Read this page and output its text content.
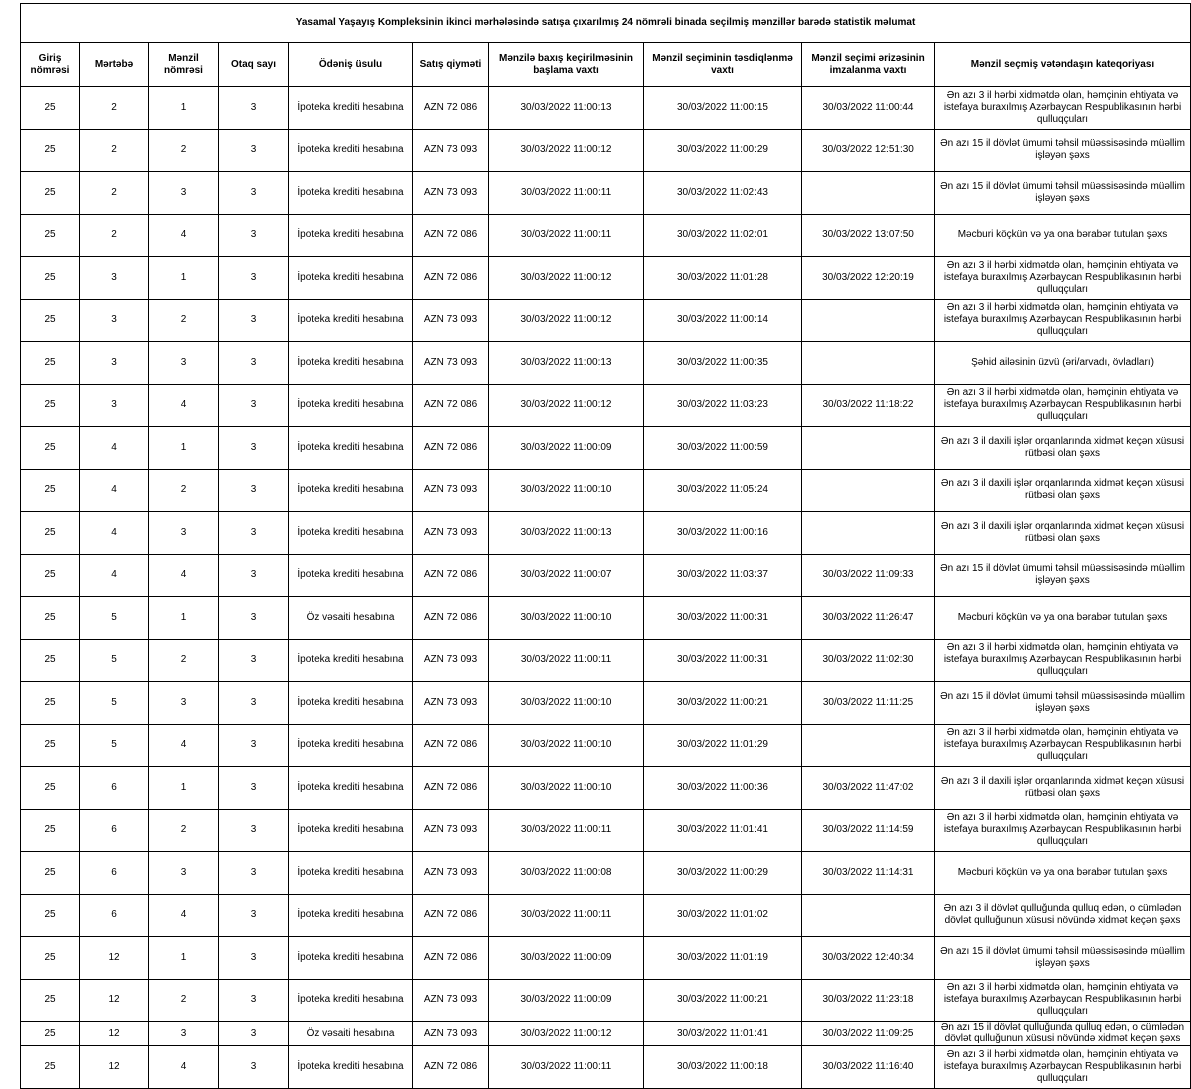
Yasamal Yaşayış Kompleksinin ikinci mərhələsində satışa çıxarılmış 24 nömrəli binada seçilmiş mənzillər barədə statistik məlumat									
Giriş nömrəsi	Mərtəbə	Mənzil nömrəsi	Otaq sayı	Ödəniş üsulu	Satış qiyməti	Mənzilə baxış keçirilməsinin başlama vaxtı	Mənzil seçiminin təsdiqlənmə vaxtı	Mənzil seçimi ərizəsinin imzalanma vaxtı	Mənzil seçmiş vətəndaşın kateqoriyası
25	2	1	3	İpoteka krediti hesabına	AZN 72 086	30/03/2022 11:00:13	30/03/2022 11:00:15	30/03/2022 11:00:44	Ən azı 3 il hərbi xidmətdə olan, həmçinin ehtiyata və istefaya buraxılmış Azərbaycan Respublikasının hərbi qulluqçuları
25	2	2	3	İpoteka krediti hesabına	AZN 73 093	30/03/2022 11:00:12	30/03/2022 11:00:29	30/03/2022 12:51:30	Ən azı 15 il dövlət ümumi təhsil müəssisəsində müəllim işləyən şəxs
25	2	3	3	İpoteka krediti hesabına	AZN 73 093	30/03/2022 11:00:11	30/03/2022 11:02:43		Ən azı 15 il dövlət ümumi təhsil müəssisəsində müəllim işləyən şəxs
25	2	4	3	İpoteka krediti hesabına	AZN 72 086	30/03/2022 11:00:11	30/03/2022 11:02:01	30/03/2022 13:07:50	Məcburi köçkün və ya ona bərabər tutulan şəxs
25	3	1	3	İpoteka krediti hesabına	AZN 72 086	30/03/2022 11:00:12	30/03/2022 11:01:28	30/03/2022 12:20:19	Ən azı 3 il hərbi xidmətdə olan, həmçinin ehtiyata və istefaya buraxılmış Azərbaycan Respublikasının hərbi qulluqçuları
25	3	2	3	İpoteka krediti hesabına	AZN 73 093	30/03/2022 11:00:12	30/03/2022 11:00:14		Ən azı 3 il hərbi xidmətdə olan, həmçinin ehtiyata və istefaya buraxılmış Azərbaycan Respublikasının hərbi qulluqçuları
25	3	3	3	İpoteka krediti hesabına	AZN 73 093	30/03/2022 11:00:13	30/03/2022 11:00:35		Şəhid ailəsinin üzvü (əri/arvadı, övladları)
25	3	4	3	İpoteka krediti hesabına	AZN 72 086	30/03/2022 11:00:12	30/03/2022 11:03:23	30/03/2022 11:18:22	Ən azı 3 il hərbi xidmətdə olan, həmçinin ehtiyata və istefaya buraxılmış Azərbaycan Respublikasının hərbi qulluqçuları
25	4	1	3	İpoteka krediti hesabına	AZN 72 086	30/03/2022 11:00:09	30/03/2022 11:00:59		Ən azı 3 il daxili işlər orqanlarında xidmət keçən xüsusi rütbəsi olan şəxs
25	4	2	3	İpoteka krediti hesabına	AZN 73 093	30/03/2022 11:00:10	30/03/2022 11:05:24		Ən azı 3 il daxili işlər orqanlarında xidmət keçən xüsusi rütbəsi olan şəxs
25	4	3	3	İpoteka krediti hesabına	AZN 73 093	30/03/2022 11:00:13	30/03/2022 11:00:16		Ən azı 3 il daxili işlər orqanlarında xidmət keçən xüsusi rütbəsi olan şəxs
25	4	4	3	İpoteka krediti hesabına	AZN 72 086	30/03/2022 11:00:07	30/03/2022 11:03:37	30/03/2022 11:09:33	Ən azı 15 il dövlət ümumi təhsil müəssisəsində müəllim işləyən şəxs
25	5	1	3	Öz vəsaiti hesabına	AZN 72 086	30/03/2022 11:00:10	30/03/2022 11:00:31	30/03/2022 11:26:47	Məcburi köçkün və ya ona bərabər tutulan şəxs
25	5	2	3	İpoteka krediti hesabına	AZN 73 093	30/03/2022 11:00:11	30/03/2022 11:00:31	30/03/2022 11:02:30	Ən azı 3 il hərbi xidmətdə olan, həmçinin ehtiyata və istefaya buraxılmış Azərbaycan Respublikasının hərbi qulluqçuları
25	5	3	3	İpoteka krediti hesabına	AZN 73 093	30/03/2022 11:00:10	30/03/2022 11:00:21	30/03/2022 11:11:25	Ən azı 15 il dövlət ümumi təhsil müəssisəsində müəllim işləyən şəxs
25	5	4	3	İpoteka krediti hesabına	AZN 72 086	30/03/2022 11:00:10	30/03/2022 11:01:29		Ən azı 3 il hərbi xidmətdə olan, həmçinin ehtiyata və istefaya buraxılmış Azərbaycan Respublikasının hərbi qulluqçuları
25	6	1	3	İpoteka krediti hesabına	AZN 72 086	30/03/2022 11:00:10	30/03/2022 11:00:36	30/03/2022 11:47:02	Ən azı 3 il daxili işlər orqanlarında xidmət keçən xüsusi rütbəsi olan şəxs
25	6	2	3	İpoteka krediti hesabına	AZN 73 093	30/03/2022 11:00:11	30/03/2022 11:01:41	30/03/2022 11:14:59	Ən azı 3 il hərbi xidmətdə olan, həmçinin ehtiyata və istefaya buraxılmış Azərbaycan Respublikasının hərbi qulluqçuları
25	6	3	3	İpoteka krediti hesabına	AZN 73 093	30/03/2022 11:00:08	30/03/2022 11:00:29	30/03/2022 11:14:31	Məcburi köçkün və ya ona bərabər tutulan şəxs
25	6	4	3	İpoteka krediti hesabına	AZN 72 086	30/03/2022 11:00:11	30/03/2022 11:01:02		Ən azı 3 il dövlət qulluğunda qulluq edən, o cümlədən dövlət qulluğunun xüsusi növündə xidmət keçən şəxs
25	12	1	3	İpoteka krediti hesabına	AZN 72 086	30/03/2022 11:00:09	30/03/2022 11:01:19	30/03/2022 12:40:34	Ən azı 15 il dövlət ümumi təhsil müəssisəsində müəllim işləyən şəxs
25	12	2	3	İpoteka krediti hesabına	AZN 73 093	30/03/2022 11:00:09	30/03/2022 11:00:21	30/03/2022 11:23:18	Ən azı 3 il hərbi xidmətdə olan, həmçinin ehtiyata və istefaya buraxılmış Azərbaycan Respublikasının hərbi qulluqçuları
25	12	3	3	Öz vəsaiti hesabına	AZN 73 093	30/03/2022 11:00:12	30/03/2022 11:01:41	30/03/2022 11:09:25	Ən azı 15 il dövlət qulluğunda qulluq edən, o cümlədən dövlət qulluğunun xüsusi növündə xidmət keçən şəxs
25	12	4	3	İpoteka krediti hesabına	AZN 72 086	30/03/2022 11:00:11	30/03/2022 11:00:18	30/03/2022 11:16:40	Ən azı 3 il hərbi xidmətdə olan, həmçinin ehtiyata və istefaya buraxılmış Azərbaycan Respublikasının hərbi qulluqçuları
